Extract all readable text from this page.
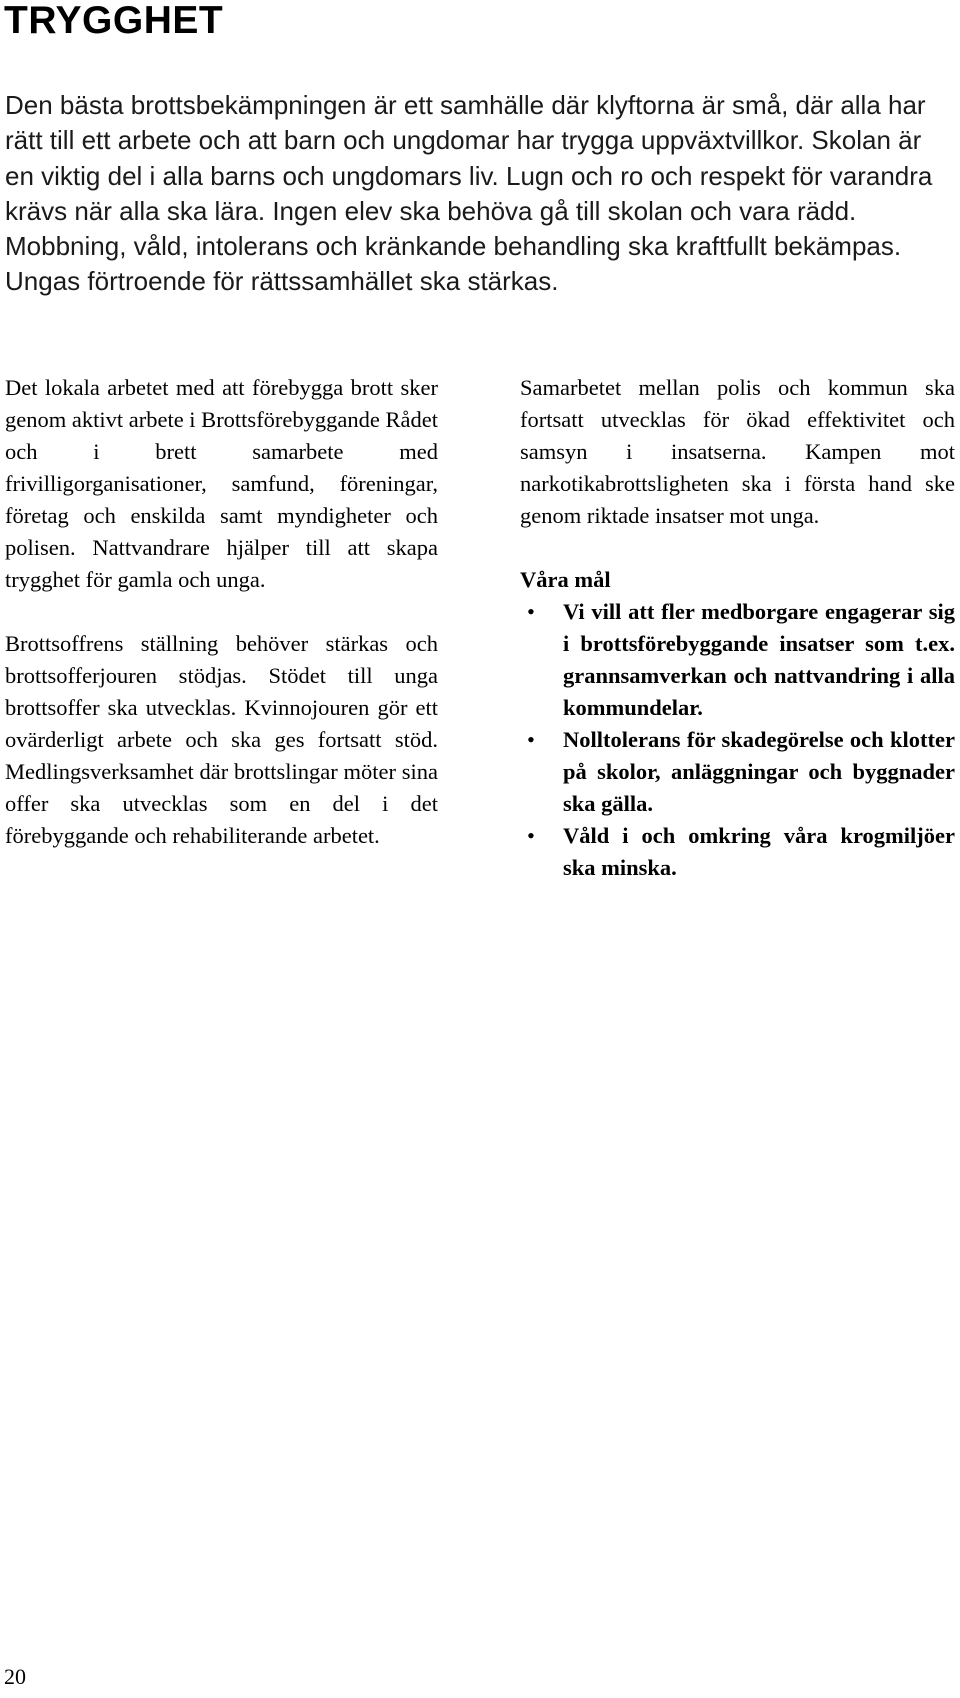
TRYGGHET

Den bästa brottsbekämpningen är ett samhälle där klyftorna är små, där alla har rätt till ett arbete och att barn och ungdomar har trygga uppväxtvillkor. Skolan är en viktig del i alla barns och ungdomars liv. Lugn och ro och respekt för varandra krävs när alla ska lära. Ingen elev ska behöva gå till skolan och vara rädd. Mobbning, våld, intolerans och kränkande behandling ska kraftfullt bekämpas. Ungas förtroende för rättssamhället ska stärkas.

Det lokala arbetet med att förebygga brott sker genom aktivt arbete i Brottsförebyggande Rådet och i brett samarbete med frivilligorganisationer, samfund, föreningar, företag och enskilda samt myndigheter och polisen. Nattvandrare hjälper till att skapa trygghet för gamla och unga.

Brottsoffrens ställning behöver stärkas och brottsofferjouren stödjas. Stödet till unga brottsoffer ska utvecklas. Kvinnojouren gör ett ovärderligt arbete och ska ges fortsatt stöd. Medlingsverksamhet där brottslingar möter sina offer ska utvecklas som en del i det förebyggande och rehabiliterande arbetet.

Samarbetet mellan polis och kommun ska fortsatt utvecklas för ökad effektivitet och samsyn i insatserna. Kampen mot narkotikabrottsligheten ska i första hand ske genom riktade insatser mot unga.

Våra mål
•	Vi vill att fler medborgare engagerar sig i brottsförebyggande insatser som t.ex. grannsamverkan och nattvandring i alla kommundelar.
•	Nolltolerans för skadegörelse och klotter på skolor, anläggningar och byggnader ska gälla.
•	Våld i och omkring våra krogmiljöer ska minska.
20
